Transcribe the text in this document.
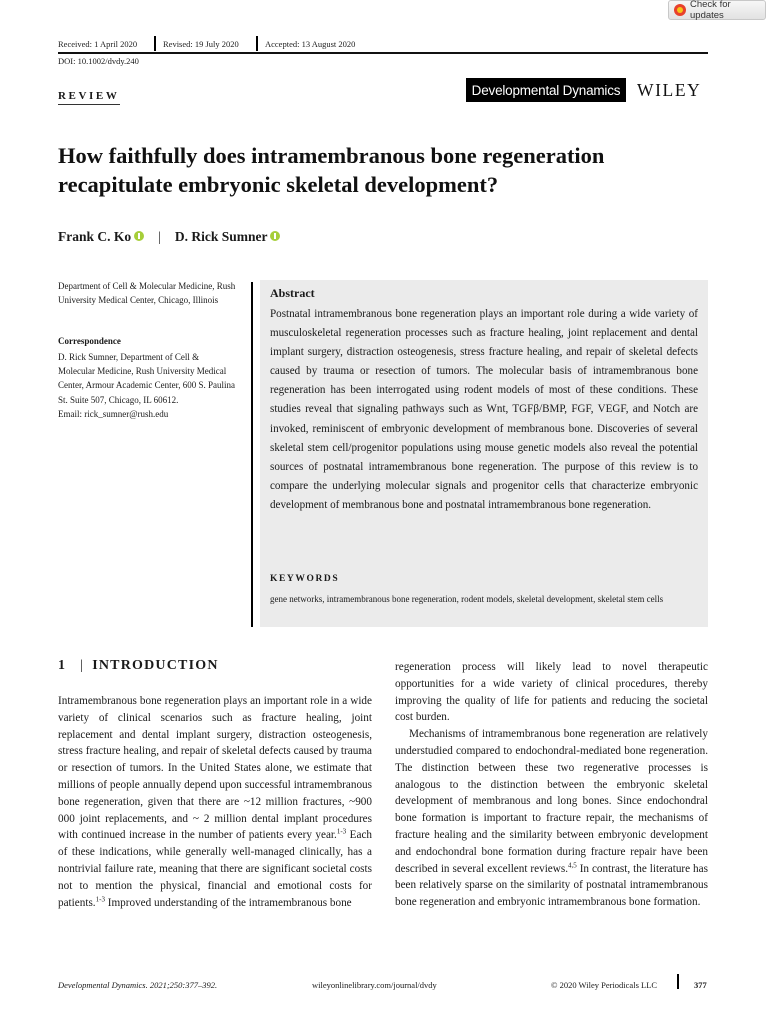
Check for updates
Received: 1 April 2020	Revised: 19 July 2020	Accepted: 13 August 2020
DOI: 10.1002/dvdy.240
REVIEW	Developmental Dynamics WILEY
How faithfully does intramembranous bone regeneration recapitulate embryonic skeletal development?
Frank C. Ko | D. Rick Sumner
Department of Cell & Molecular Medicine, Rush University Medical Center, Chicago, Illinois
Correspondence
D. Rick Sumner, Department of Cell & Molecular Medicine, Rush University Medical Center, Armour Academic Center, 600 S. Paulina St. Suite 507, Chicago, IL 60612.
Email: rick_sumner@rush.edu
Abstract
Postnatal intramembranous bone regeneration plays an important role during a wide variety of musculoskeletal regeneration processes such as fracture healing, joint replacement and dental implant surgery, distraction osteogenesis, stress fracture healing, and repair of skeletal defects caused by trauma or resection of tumors. The molecular basis of intramembranous bone regeneration has been interrogated using rodent models of most of these conditions. These studies reveal that signaling pathways such as Wnt, TGFβ/BMP, FGF, VEGF, and Notch are invoked, reminiscent of embryonic development of membranous bone. Discoveries of several skeletal stem cell/progenitor populations using mouse genetic models also reveal the potential sources of postnatal intramembranous bone regeneration. The purpose of this review is to compare the underlying molecular signals and progenitor cells that characterize embryonic development of membranous bone and postnatal intramembranous bone regeneration.
KEYWORDS
gene networks, intramembranous bone regeneration, rodent models, skeletal development, skeletal stem cells
1 | INTRODUCTION

Intramembranous bone regeneration plays an important role in a wide variety of clinical scenarios such as fracture healing, joint replacement and dental implant surgery, distraction osteogenesis, stress fracture healing, and repair of skeletal defects caused by trauma or resection of tumors. In the United States alone, we estimate that millions of people annually depend upon successful intramembranous bone regeneration, given that there are ~12 million fractures, ~900 000 joint replacements, and ~ 2 million dental implant procedures with continued increase in the number of patients every year.$^{1-3}$ Each of these indications, while generally well-managed clinically, has a nontrivial failure rate, meaning that there are significant societal costs not to mention the physical, financial and emotional costs for patients.$^{1-3}$ Improved understanding of the intramembranous bone

regeneration process will likely lead to novel therapeutic opportunities for a wide variety of clinical procedures, thereby improving the quality of life for patients and reducing the societal cost burden.

Mechanisms of intramembranous bone regeneration are relatively understudied compared to endochondral-mediated bone regeneration. The distinction between these two regenerative processes is analogous to the distinction between the embryonic skeletal development of membranous and long bones. Since endochondral bone formation is important to fracture repair, the mechanisms of fracture healing and the similarity between embryonic development and endochondral bone formation during fracture repair have been described in several excellent reviews.$^{4,5}$ In contrast, the literature has been relatively sparse on the similarity of postnatal intramembranous bone regeneration and embryonic intramembranous bone formation.

Developmental Dynamics. 2021;250:377–392.	wileyonlinelibrary.com/journal/dvdy	© 2020 Wiley Periodicals LLC	377
